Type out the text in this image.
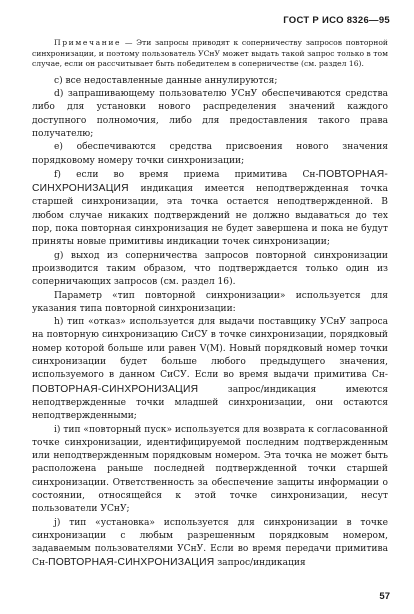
ГОСТ Р ИСО 8326—95

Примечание — Эти запросы приводят к соперничеству запросов повторной синхронизации, и поэтому пользователь УСнУ может выдать такой запрос только в том случае, если он рассчитывает быть победителем в соперничестве (см. раздел 16).

с) все недоставленные данные аннулируются;

d) запрашивающему пользователю УСнУ обеспечиваются средства либо для установки нового распределения значений каждого доступного полномочия, либо для предоставления такого права получателю;

е) обеспечиваются средства присвоения нового значения порядковому номеру точки синхронизации;

f) если во время приема примитива Сн-ПОВТОРНАЯ-СИНХРОНИЗАЦИЯ индикация имеется неподтвержденная точка старшей синхронизации, эта точка остается неподтвержденной. В любом случае никаких подтверждений не должно выдаваться до тех пор, пока повторная синхронизация не будет завершена и пока не будут приняты новые примитивы индикации точек синхронизации;

g) выход из соперничества запросов повторной синхронизации производится таким образом, что подтверждается только один из соперничающих запросов (см. раздел 16).

Параметр «тип повторной синхронизации» используется для указания типа повторной синхронизации:

h) тип «отказ» используется для выдачи поставщику УСнУ запроса на повторную синхронизацию СиСУ в точке синхронизации, порядковый номер которой больше или равен V(M). Новый порядковый номер точки синхронизации будет больше любого предыдущего значения, используемого в данном СиСУ. Если во время выдачи примитива Сн-ПОВТОРНАЯ-СИНХРОНИЗАЦИЯ запрос/индикация имеются неподтвержденные точки младшей синхронизации, они остаются неподтвержденными;

i) тип «повторный пуск» используется для возврата к согласованной точке синхронизации, идентифицируемой последним подтвержденным или неподтвержденным порядковым номером. Эта точка не может быть расположена раньше последней подтвержденной точки старшей синхронизации. Ответственность за обеспечение защиты информации о состоянии, относящейся к этой точке синхронизации, несут пользователи УСнУ;

j) тип «установка» используется для синхронизации в точке синхронизации с любым разрешенным порядковым номером, задаваемым пользователями УСнУ. Если во время передачи примитива Сн-ПОВТОРНАЯ-СИНХРОНИЗАЦИЯ запрос/индикация

57
